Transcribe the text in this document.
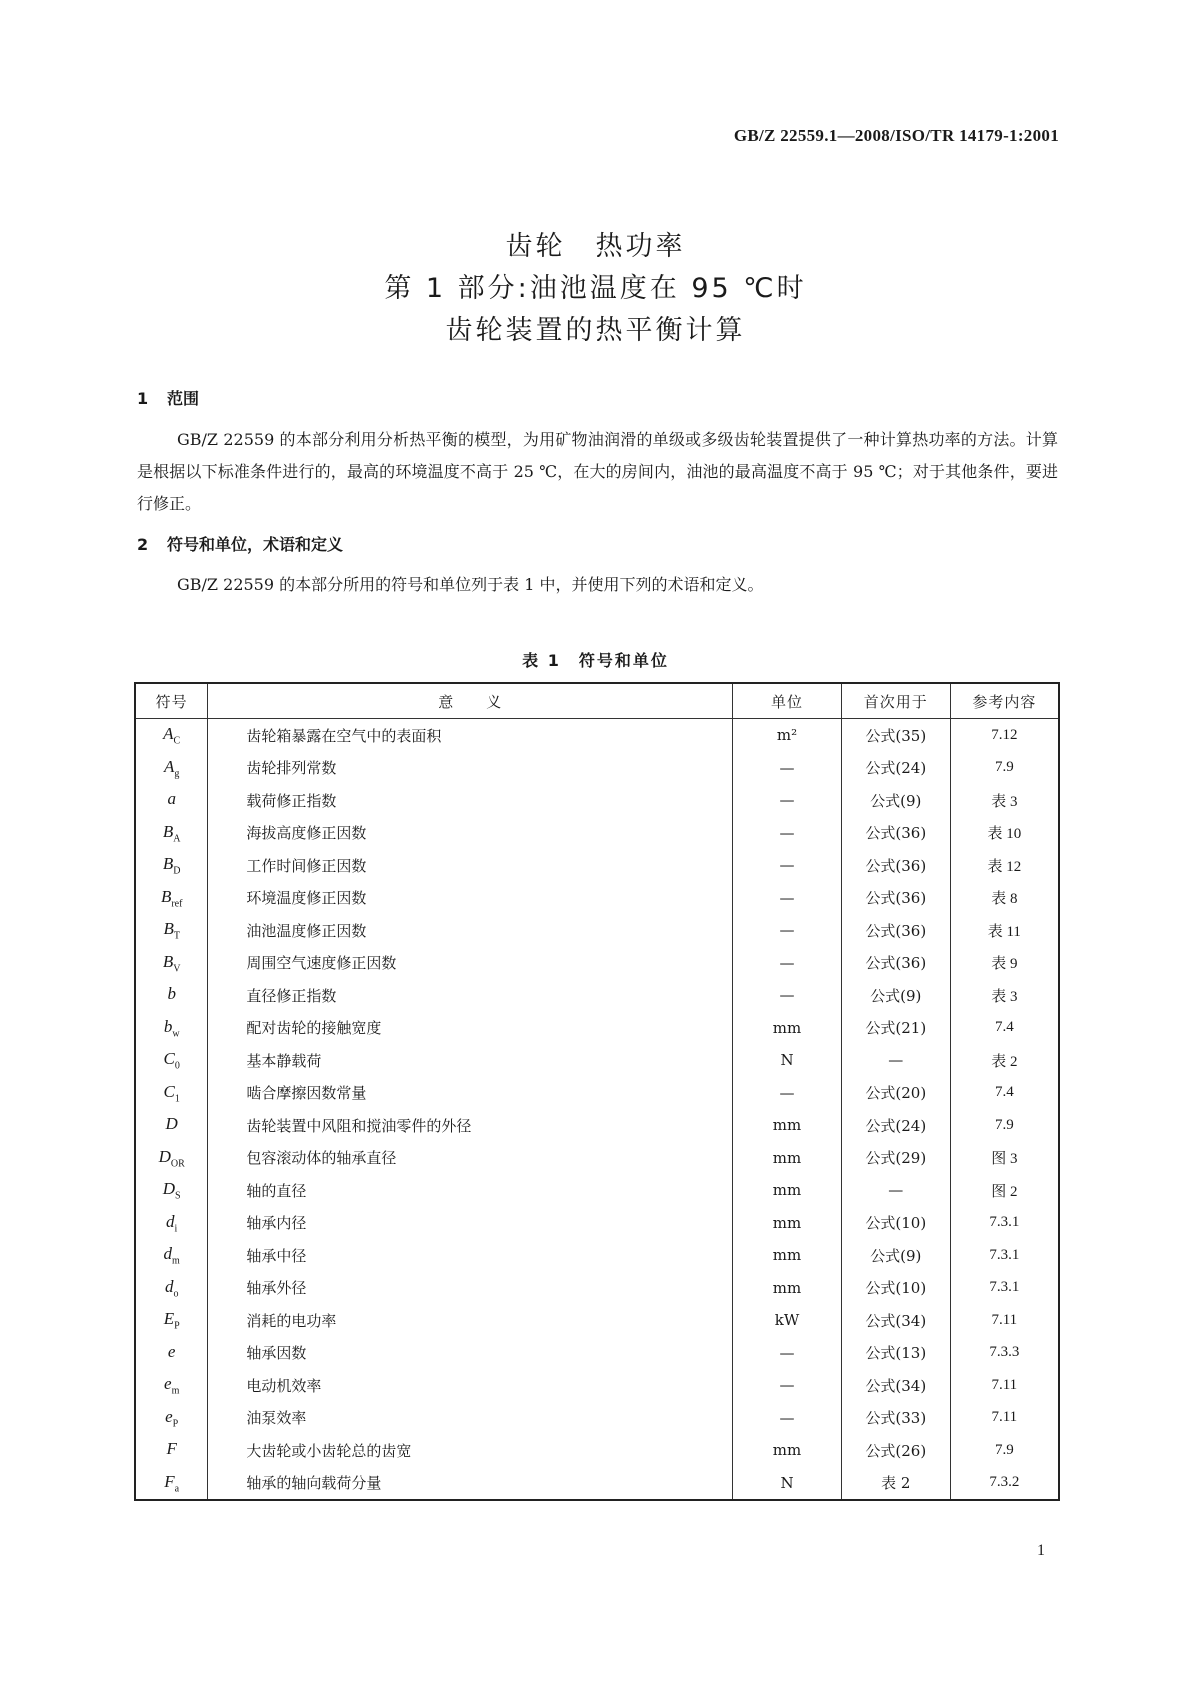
GB/Z 22559.1—2008/ISO/TR 14179-1:2001
齿轮　热功率
第 1 部分:油池温度在 95 ℃时
齿轮装置的热平衡计算
1 范围
GB/Z 22559 的本部分利用分析热平衡的模型，为用矿物油润滑的单级或多级齿轮装置提供了一种计算热功率的方法。计算是根据以下标准条件进行的，最高的环境温度不高于 25 ℃，在大的房间内，油池的最高温度不高于 95 ℃；对于其他条件，要进行修正。
2 符号和单位，术语和定义
GB/Z 22559 的本部分所用的符号和单位列于表 1 中，并使用下列的术语和定义。
表 1　符号和单位
符号	意　　义	单位	首次用于	参考内容
$A_C$	齿轮箱暴露在空气中的表面积	m²	公式(35)	7.12
$A_g$	齿轮排列常数	—	公式(24)	7.9
a	载荷修正指数	—	公式(9)	表 3
$B_A$	海拔高度修正因数	—	公式(36)	表 10
$B_D$	工作时间修正因数	—	公式(36)	表 12
$B_{ref}$	环境温度修正因数	—	公式(36)	表 8
$B_T$	油池温度修正因数	—	公式(36)	表 11
$B_V$	周围空气速度修正因数	—	公式(36)	表 9
b	直径修正指数	—	公式(9)	表 3
$b_w$	配对齿轮的接触宽度	mm	公式(21)	7.4
$C_0$	基本静载荷	N	—	表 2
$C_1$	啮合摩擦因数常量	—	公式(20)	7.4
D	齿轮装置中风阻和搅油零件的外径	mm	公式(24)	7.9
$D_{OR}$	包容滚动体的轴承直径	mm	公式(29)	图 3
$D_S$	轴的直径	mm	—	图 2
$d_i$	轴承内径	mm	公式(10)	7.3.1
$d_m$	轴承中径	mm	公式(9)	7.3.1
$d_o$	轴承外径	mm	公式(10)	7.3.1
$E_P$	消耗的电功率	kW	公式(34)	7.11
e	轴承因数	—	公式(13)	7.3.3
$e_m$	电动机效率	—	公式(34)	7.11
$e_P$	油泵效率	—	公式(33)	7.11
F	大齿轮或小齿轮总的齿宽	mm	公式(26)	7.9
$F_a$	轴承的轴向载荷分量	N	表 2	7.3.2
1
